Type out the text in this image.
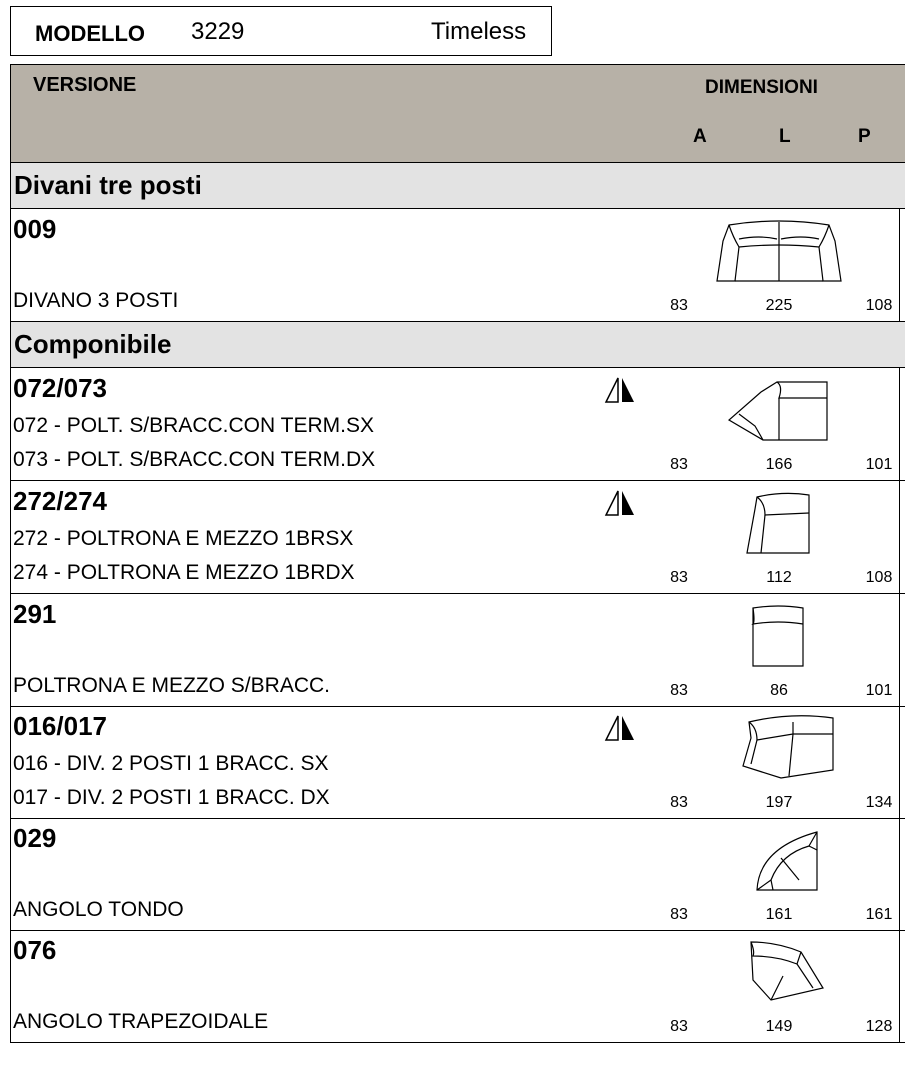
MODELLO 3229	Timeless
VERSIONE	DIMENSIONI
A	L	P
Divani tre posti
009
DIVANO 3 POSTI	83	225	108
Componibile
072/073
072 - POLT. S/BRACC.CON TERM.SX
073 - POLT. S/BRACC.CON TERM.DX	83	166	101
272/274
272 - POLTRONA E MEZZO 1BRSX
274 - POLTRONA E MEZZO 1BRDX	83	112	108
291
POLTRONA E MEZZO S/BRACC.	83	86	101
016/017
016 - DIV. 2 POSTI 1 BRACC. SX
017 - DIV. 2 POSTI 1 BRACC. DX	83	197	134
029
ANGOLO TONDO	83	161	161
076
ANGOLO TRAPEZOIDALE	83	149	128
